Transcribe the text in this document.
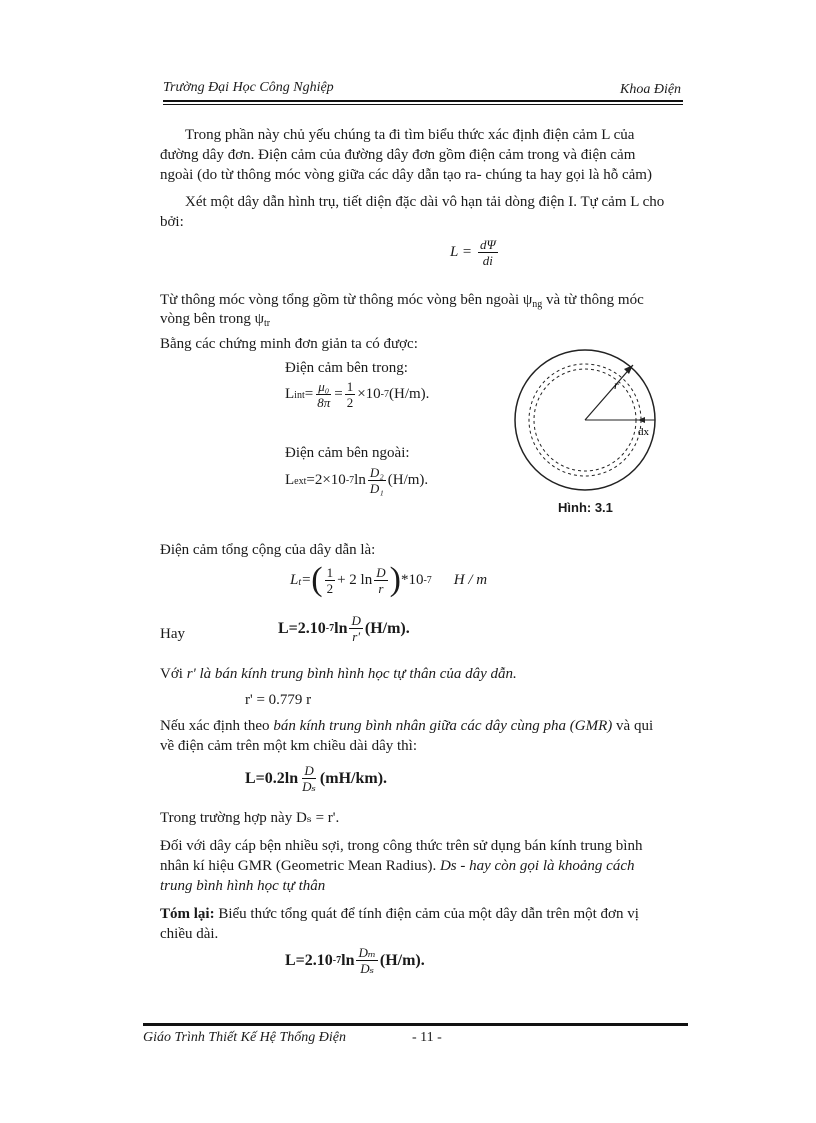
Trường Đại Học Công Nghiệp	Khoa Điện
Trong phần này chủ yếu chúng ta đi tìm biểu thức xác định điện cảm L của
đường dây đơn. Điện cảm của đường dây đơn gồm điện cảm trong và điện cảm
ngoài (do từ thông móc vòng giữa các dây dẫn tạo ra- chúng ta hay gọi là hỗ cảm)
Xét một dây dẫn hình trụ, tiết diện đặc dài vô hạn tải dòng điện I. Tự cảm L cho
bởi:
$L = \frac{d\Psi}{di}$
Từ thông móc vòng tổng gồm từ thông móc vòng bên ngoài $\psi_{ng}$ và từ thông móc
vòng bên trong $\psi_{tr}$
Bằng các chứng minh đơn giản ta có được:
Điện cảm bên trong:
L int = $\frac{\text{μ₀}}{8\pi} = \frac{1}{2} \times 10$ -7 (H/m).
Điện cảm bên ngoài:
L ext =2×10 -7 $\ln \frac{\text{D₂}}{\text{D₁}} (H/m)$.
r
dx
Hình: 3.1
Điện cảm tổng cộng của dây dẫn là:
L t = ( $\frac{1}{2} + 2$ $\ln \frac{D}{r}$ ) *10 -7 H / m
Hay	L=2.10 -7 $\ln \frac{D}{r'} (H/m)$.
Với r' là bán kính trung bình hình học tự thân của dây dẫn.
r' = 0.779 r
Nếu xác định theo bán kính trung bình nhân giữa các dây cùng pha (GMR) và qui
về điện cảm trên một km chiều dài dây thì:
$L=0.2\ln \frac{D}{\text{Dₛ}} (mH/km)$.
Trong trường hợp này Dₛ = r'.
Đối với dây cáp bện nhiều sợi, trong công thức trên sử dụng bán kính trung bình
nhân kí hiệu GMR (Geometric Mean Radius). Ds - hay còn gọi là khoảng cách
trung bình hình học tự thân
Tóm lại: Biểu thức tổng quát để tính điện cảm của một dây dẫn trên một đơn vị
chiều dài.
L=2.10 -7 $\ln \frac{\text{Dₘ}}{\text{Dₛ}} (H/m)$.
Giáo Trình Thiết Kế Hệ Thống Điện	- 11 -
